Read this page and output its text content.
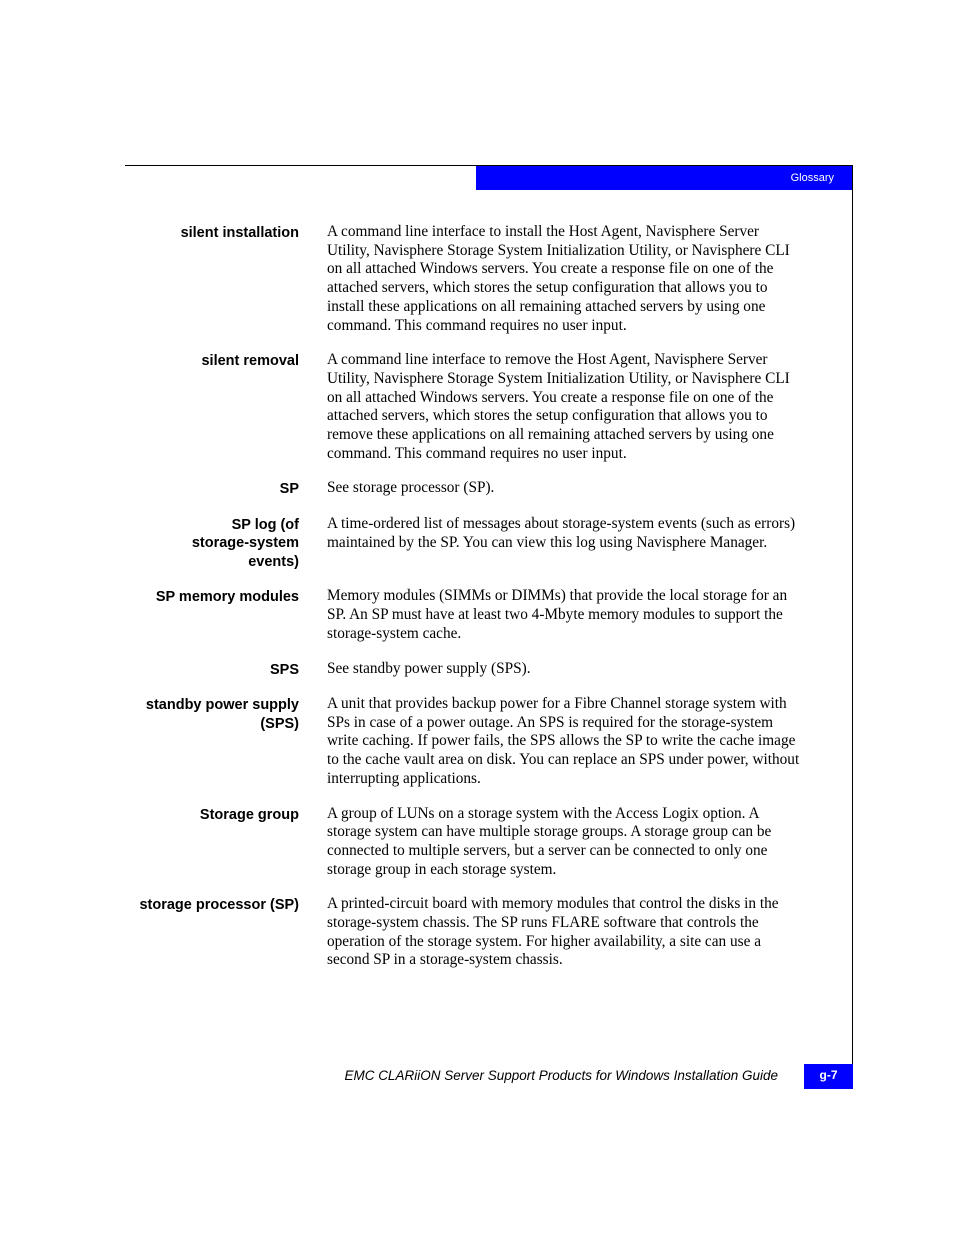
Glossary
silent installation A command line interface to install the Host Agent, Navisphere Server Utility, Navisphere Storage System Initialization Utility, or Navisphere CLI on all attached Windows servers. You create a response file on one of the attached servers, which stores the setup configuration that allows you to install these applications on all remaining attached servers by using one command. This command requires no user input.
silent removal A command line interface to remove the Host Agent, Navisphere Server Utility, Navisphere Storage System Initialization Utility, or Navisphere CLI on all attached Windows servers. You create a response file on one of the attached servers, which stores the setup configuration that allows you to remove these applications on all remaining attached servers by using one command. This command requires no user input.
SP See storage processor (SP).
SP log (of
storage-system
events)
A time-ordered list of messages about storage-system events (such as errors) maintained by the SP. You can view this log using Navisphere Manager.
SP memory modules Memory modules (SIMMs or DIMMs) that provide the local storage for an SP. An SP must have at least two 4-Mbyte memory modules to support the storage-system cache.
SPS See standby power supply (SPS).
standby power supply
(SPS)
A unit that provides backup power for a Fibre Channel storage system with SPs in case of a power outage. An SPS is required for the storage-system write caching. If power fails, the SPS allows the SP to write the cache image to the cache vault area on disk. You can replace an SPS under power, without interrupting applications.
Storage group A group of LUNs on a storage system with the Access Logix option. A storage system can have multiple storage groups. A storage group can be connected to multiple servers, but a server can be connected to only one storage group in each storage system.
storage processor (SP) A printed-circuit board with memory modules that control the disks in the storage-system chassis. The SP runs FLARE software that controls the operation of the storage system. For higher availability, a site can use a second SP in a storage-system chassis.
EMC CLARiiON Server Support Products for Windows Installation Guide	g-7
